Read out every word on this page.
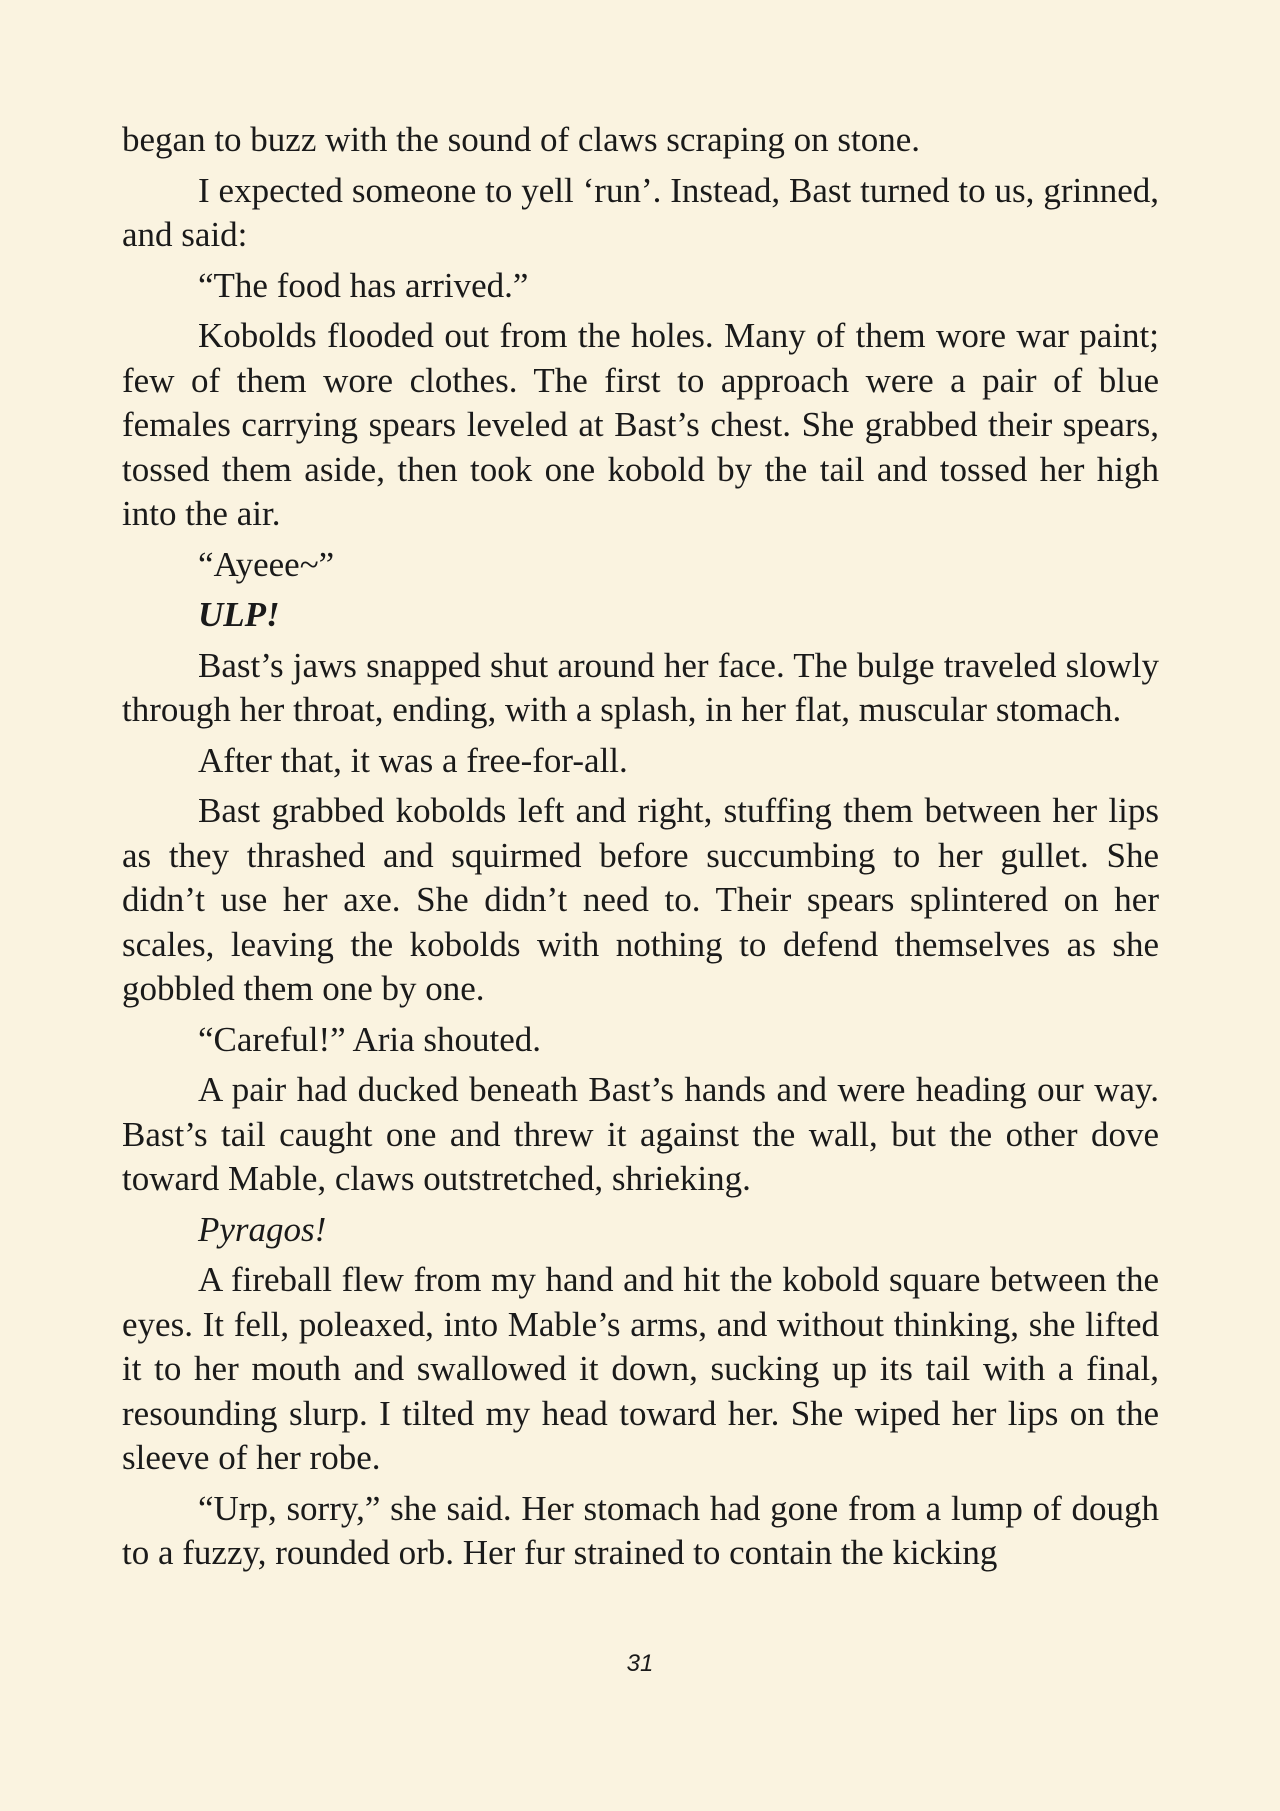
began to buzz with the sound of claws scraping on stone.

I expected someone to yell ‘run’. Instead, Bast turned to us, grinned, and said:

“The food has arrived.”

Kobolds flooded out from the holes. Many of them wore war paint; few of them wore clothes. The first to approach were a pair of blue females carrying spears leveled at Bast’s chest. She grabbed their spears, tossed them aside, then took one kobold by the tail and tossed her high into the air.

“Ayeee~”

ULP!

Bast’s jaws snapped shut around her face. The bulge traveled slowly through her throat, ending, with a splash, in her flat, muscular stomach.

After that, it was a free-for-all.

Bast grabbed kobolds left and right, stuffing them between her lips as they thrashed and squirmed before succumbing to her gullet. She didn’t use her axe. She didn’t need to. Their spears splintered on her scales, leaving the kobolds with nothing to defend themselves as she gobbled them one by one.

“Careful!” Aria shouted.

A pair had ducked beneath Bast’s hands and were heading our way. Bast’s tail caught one and threw it against the wall, but the other dove toward Mable, claws outstretched, shrieking.

Pyragos!

A fireball flew from my hand and hit the kobold square between the eyes. It fell, poleaxed, into Mable’s arms, and without thinking, she lifted it to her mouth and swallowed it down, sucking up its tail with a final, resounding slurp. I tilted my head toward her. She wiped her lips on the sleeve of her robe.

“Urp, sorry,” she said. Her stomach had gone from a lump of dough to a fuzzy, rounded orb. Her fur strained to contain the kicking

31
